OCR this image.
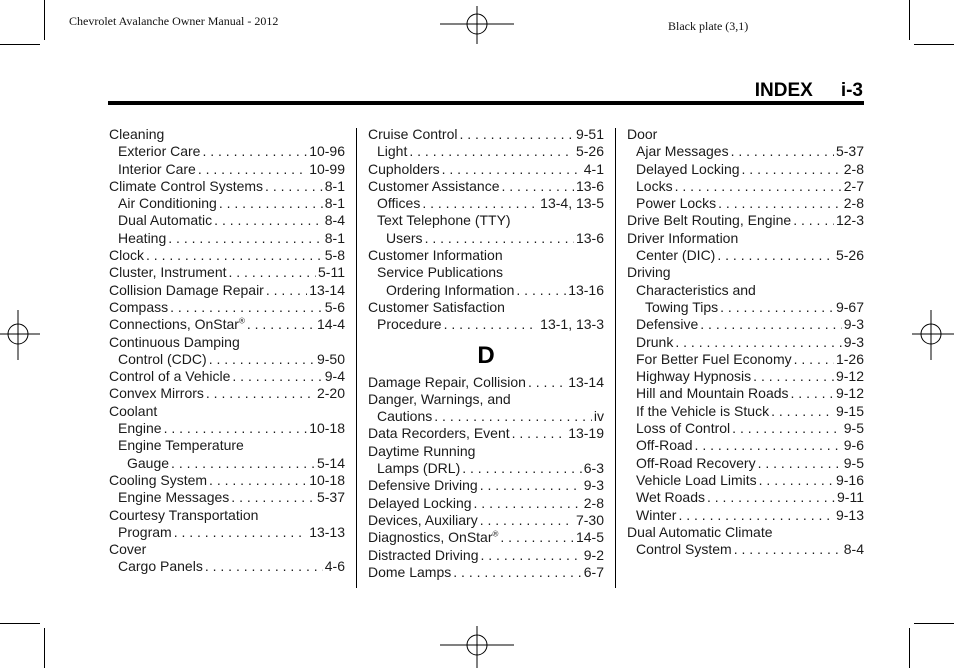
Chevrolet Avalanche Owner Manual - 2012	Black plate (3,1)
INDEX i-3
Cleaning
Exterior Care . . .	10-96
Interior Care . . .	10-99
Climate Control Systems . . .	8-1
Air Conditioning . . .	8-1
Dual Automatic . . .	8-4
Heating . . .	8-1
Clock . . .	5-8
Cluster, Instrument . . .	5-11
Collision Damage Repair . . .	13-14
Compass . . .	5-6
Connections, OnStar® . . .	14-4
Continuous Damping
Control (CDC) . . .	9-50
Control of a Vehicle . . .	9-4
Convex Mirrors . . .	2-20
Coolant
Engine . . .	10-18
Engine Temperature
Gauge . . .	5-14
Cooling System . . .	10-18
Engine Messages . . .	5-37
Courtesy Transportation
Program . . .	13-13
Cover
Cargo Panels . . .	4-6
Cruise Control . . .	9-51
Light . . .	5-26
Cupholders . . .	4-1
Customer Assistance . . .	13-6
Offices . . .	13-4, 13-5
Text Telephone (TTY)
Users . . .	13-6
Customer Information
Service Publications
Ordering Information . . .	13-16
Customer Satisfaction
Procedure . . .	13-1, 13-3
D
Damage Repair, Collision . . .	13-14
Danger, Warnings, and
Cautions . . .	iv
Data Recorders, Event . . .	13-19
Daytime Running
Lamps (DRL) . . .	6-3
Defensive Driving . . .	9-3
Delayed Locking . . .	2-8
Devices, Auxiliary . . .	7-30
Diagnostics, OnStar® . . .	14-5
Distracted Driving . . .	9-2
Dome Lamps . . .	6-7
Door
Ajar Messages . . .	5-37
Delayed Locking . . .	2-8
Locks . . .	2-7
Power Locks . . .	2-8
Drive Belt Routing, Engine . . .	12-3
Driver Information
Center (DIC) . . .	5-26
Driving
Characteristics and
Towing Tips . . .	9-67
Defensive . . .	9-3
Drunk . . .	9-3
For Better Fuel Economy . . .	1-26
Highway Hypnosis . . .	9-12
Hill and Mountain Roads . . .	9-12
If the Vehicle is Stuck . . .	9-15
Loss of Control . . .	9-5
Off-Road . . .	9-6
Off-Road Recovery . . .	9-5
Vehicle Load Limits . . .	9-16
Wet Roads . . .	9-11
Winter . . .	9-13
Dual Automatic Climate
Control System . . .	8-4
